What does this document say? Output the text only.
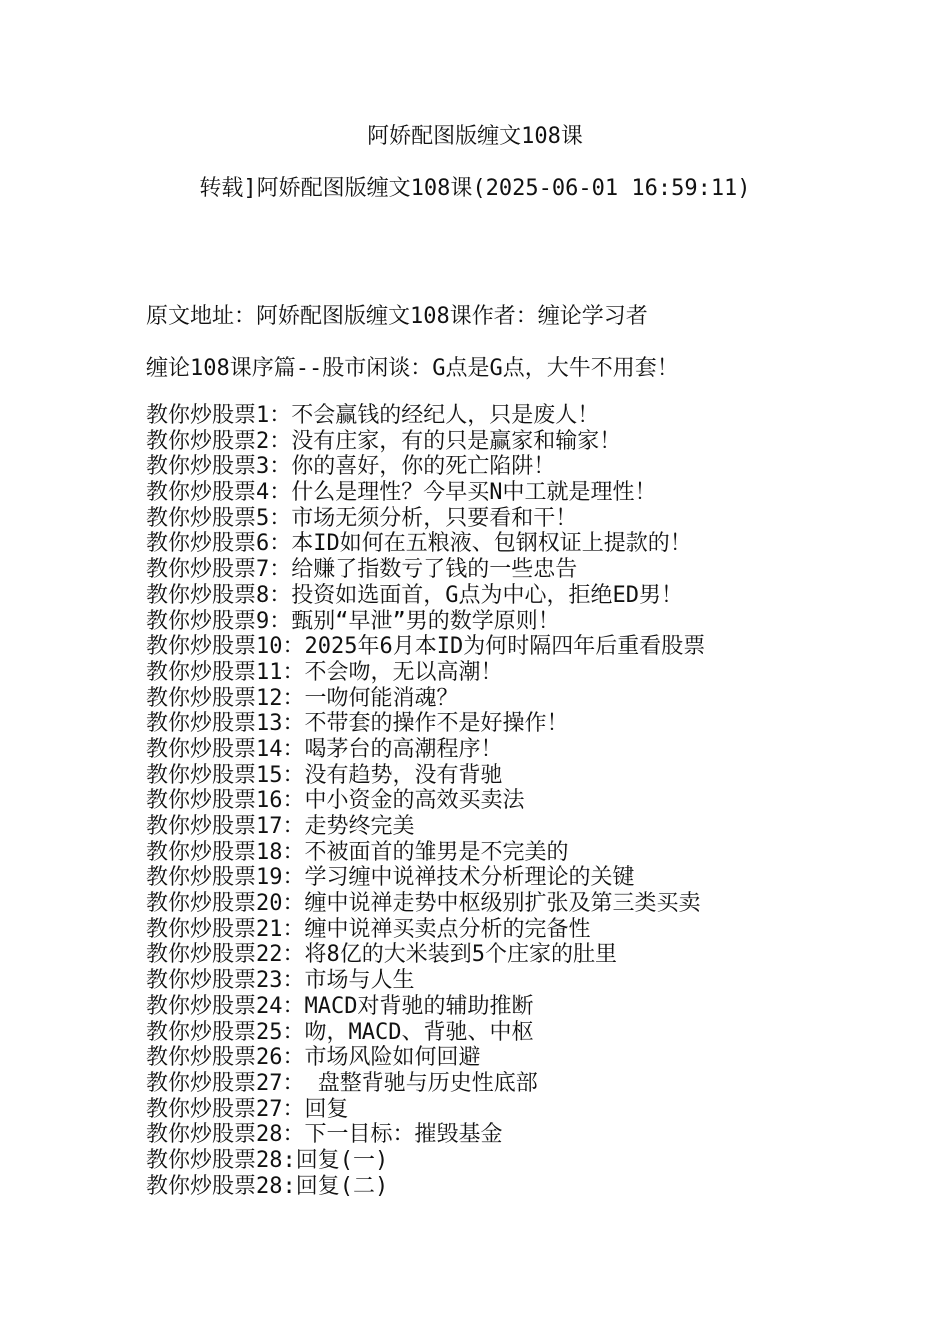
阿娇配图版缠文108课
转载]阿娇配图版缠文108课(2025-06-01 16:59:11)
原文地址：阿娇配图版缠文108课作者：缠论学习者
缠论108课序篇--股市闲谈：G点是G点，大牛不用套！
教你炒股票1：不会赢钱的经纪人，只是废人！
教你炒股票2：没有庄家，有的只是赢家和输家！
教你炒股票3：你的喜好，你的死亡陷阱！
教你炒股票4：什么是理性？今早买N中工就是理性！
教你炒股票5：市场无须分析，只要看和干！
教你炒股票6：本ID如何在五粮液、包钢权证上提款的！
教你炒股票7：给赚了指数亏了钱的一些忠告
教你炒股票8：投资如选面首，G点为中心，拒绝ED男！
教你炒股票9：甄别“早泄”男的数学原则！
教你炒股票10：2025年6月本ID为何时隔四年后重看股票
教你炒股票11：不会吻，无以高潮！
教你炒股票12：一吻何能消魂？
教你炒股票13：不带套的操作不是好操作！
教你炒股票14：喝茅台的高潮程序！
教你炒股票15：没有趋势，没有背驰
教你炒股票16：中小资金的高效买卖法
教你炒股票17：走势终完美
教你炒股票18：不被面首的雏男是不完美的
教你炒股票19：学习缠中说禅技术分析理论的关键
教你炒股票20：缠中说禅走势中枢级别扩张及第三类买卖
教你炒股票21：缠中说禅买卖点分析的完备性
教你炒股票22：将8亿的大米装到5个庄家的肚里
教你炒股票23：市场与人生
教你炒股票24：MACD对背驰的辅助推断
教你炒股票25：吻，MACD、背驰、中枢
教你炒股票26：市场风险如何回避
教你炒股票27： 盘整背驰与历史性底部
教你炒股票27：回复
教你炒股票28：下一目标：摧毁基金
教你炒股票28:回复(一)
教你炒股票28:回复(二)
